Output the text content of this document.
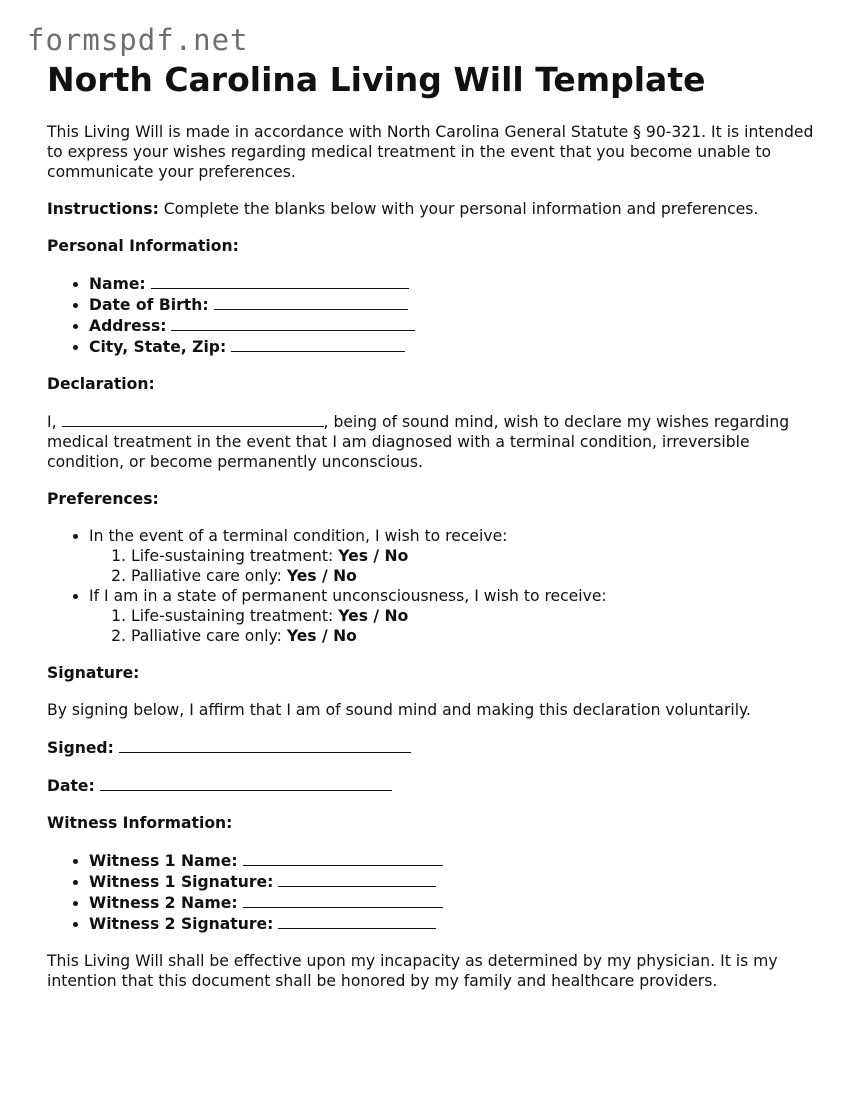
formspdf.net
North Carolina Living Will Template

This Living Will is made in accordance with North Carolina General Statute § 90-321. It is intended to express your wishes regarding medical treatment in the event that you become unable to communicate your preferences.

Instructions: Complete the blanks below with your personal information and preferences.

Personal Information:

• Name:
• Date of Birth:
• Address:
• City, State, Zip:

Declaration:

I,	, being of sound mind, wish to declare my wishes regarding medical treatment in the event that I am diagnosed with a terminal condition, irreversible condition, or become permanently unconscious.

Preferences:

• In the event of a terminal condition, I wish to receive:
1. Life-sustaining treatment: Yes / No
2. Palliative care only: Yes / No
• If I am in a state of permanent unconsciousness, I wish to receive:
1. Life-sustaining treatment: Yes / No
2. Palliative care only: Yes / No

Signature:

By signing below, I affirm that I am of sound mind and making this declaration voluntarily.

Signed:

Date:

Witness Information:

• Witness 1 Name:
• Witness 1 Signature:
• Witness 2 Name:
• Witness 2 Signature:

This Living Will shall be effective upon my incapacity as determined by my physician. It is my intention that this document shall be honored by my family and healthcare providers.
